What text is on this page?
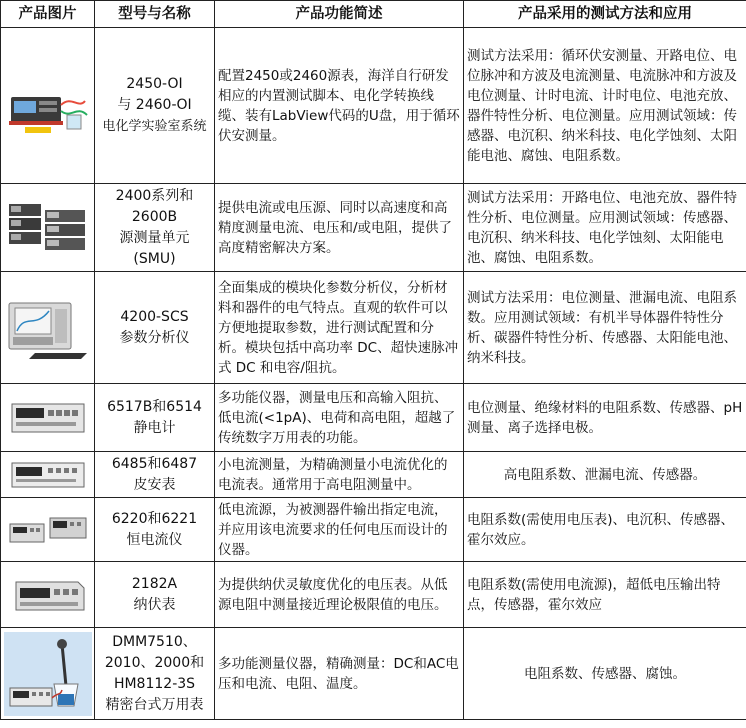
产品图片	型号与名称	产品功能简述	产品采用的测试方法和应用

2450-OI
与 2460-OI
电化学实验室系统	配置2450或2460源表，海洋自行研发相应的内置测试脚本、电化学转换线缆、装有LabView代码的U盘，用于循环伏安测量。	测试方法采用：循环伏安测量、开路电位、电位脉冲和方波及电流测量、电流脉冲和方波及电位测量、计时电流、计时电位、电池充放、器件特性分析、电位测量。应用测试领域：传感器、电沉积、纳米科技、电化学蚀刻、太阳能电池、腐蚀、电阻系数。

2400系列和
2600B
源测量单元
(SMU)	提供电流或电压源、同时以高速度和高精度测量电流、电压和/或电阻，提供了高度精密解决方案。	测试方法采用：开路电位、电池充放、器件特性分析、电位测量。应用测试领域：传感器、电沉积、纳米科技、电化学蚀刻、太阳能电池、腐蚀、电阻系数。

4200-SCS
参数分析仪	全面集成的模块化参数分析仪，分析材料和器件的电气特点。直观的软件可以方便地提取参数，进行测试配置和分析。模块包括中高功率 DC、超快速脉冲式 DC 和电容/阻抗。	测试方法采用：电位测量、泄漏电流、电阻系数。应用测试领域：有机半导体器件特性分析、碳器件特性分析、传感器、太阳能电池、纳米科技。

6517B和6514
静电计	多功能仪器，测量电压和高输入阻抗、低电流(<1pA)、电荷和高电阻，超越了传统数字万用表的功能。	电位测量、绝缘材料的电阻系数、传感器、pH测量、离子选择电极。

6485和6487
皮安表	小电流测量，为精确测量小电流优化的电流表。通常用于高电阻测量中。	高电阻系数、泄漏电流、传感器。

6220和6221
恒电流仪	低电流源，为被测器件输出指定电流，并应用该电流要求的任何电压而设计的仪器。	电阻系数(需使用电压表)、电沉积、传感器、霍尔效应。

2182A
纳伏表	为提供纳伏灵敏度优化的电压表。从低源电阻中测量接近理论极限值的电压。	电阻系数(需使用电流源)，超低电压输出特点，传感器，霍尔效应

DMM7510、
2010、2000和
HM8112-3S
精密台式万用表	多功能测量仪器，精确测量：DC和AC电压和电流、电阻、温度。	电阻系数、传感器、腐蚀。
